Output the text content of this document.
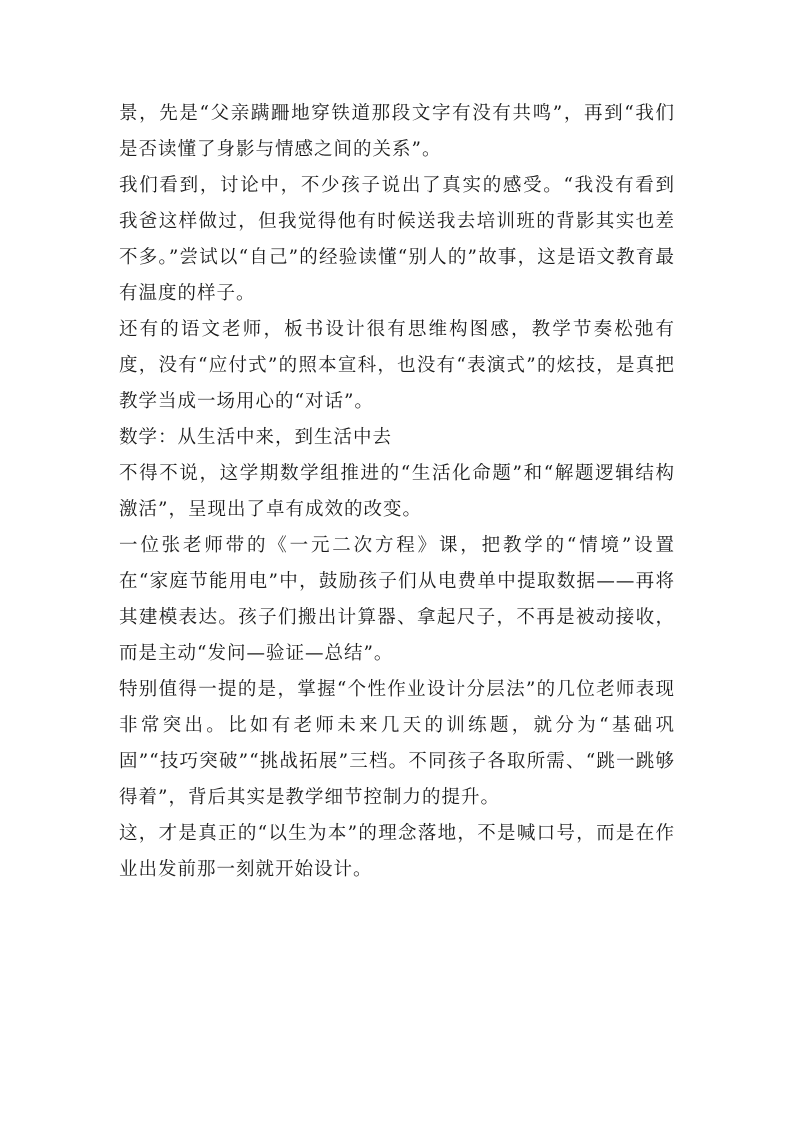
景，先是“父亲蹒跚地穿铁道那段文字有没有共鸣”，再到“我们是否读懂了身影与情感之间的关系”。

我们看到，讨论中，不少孩子说出了真实的感受。“我没有看到我爸这样做过，但我觉得他有时候送我去培训班的背影其实也差不多。”尝试以“自己”的经验读懂“别人的”故事，这是语文教育最有温度的样子。

还有的语文老师，板书设计很有思维构图感，教学节奏松弛有度，没有“应付式”的照本宣科，也没有“表演式”的炫技，是真把教学当成一场用心的“对话”。

数学：从生活中来，到生活中去

不得不说，这学期数学组推进的“生活化命题”和“解题逻辑结构激活”，呈现出了卓有成效的改变。

一位张老师带的《一元二次方程》课，把教学的“情境”设置在“家庭节能用电”中，鼓励孩子们从电费单中提取数据——再将其建模表达。孩子们搬出计算器、拿起尺子，不再是被动接收，而是主动“发问—验证—总结”。

特别值得一提的是，掌握“个性作业设计分层法”的几位老师表现非常突出。比如有老师未来几天的训练题，就分为“基础巩固”“技巧突破”“挑战拓展”三档。不同孩子各取所需、“跳一跳够得着”，背后其实是教学细节控制力的提升。

这，才是真正的“以生为本”的理念落地，不是喊口号，而是在作业出发前那一刻就开始设计。
